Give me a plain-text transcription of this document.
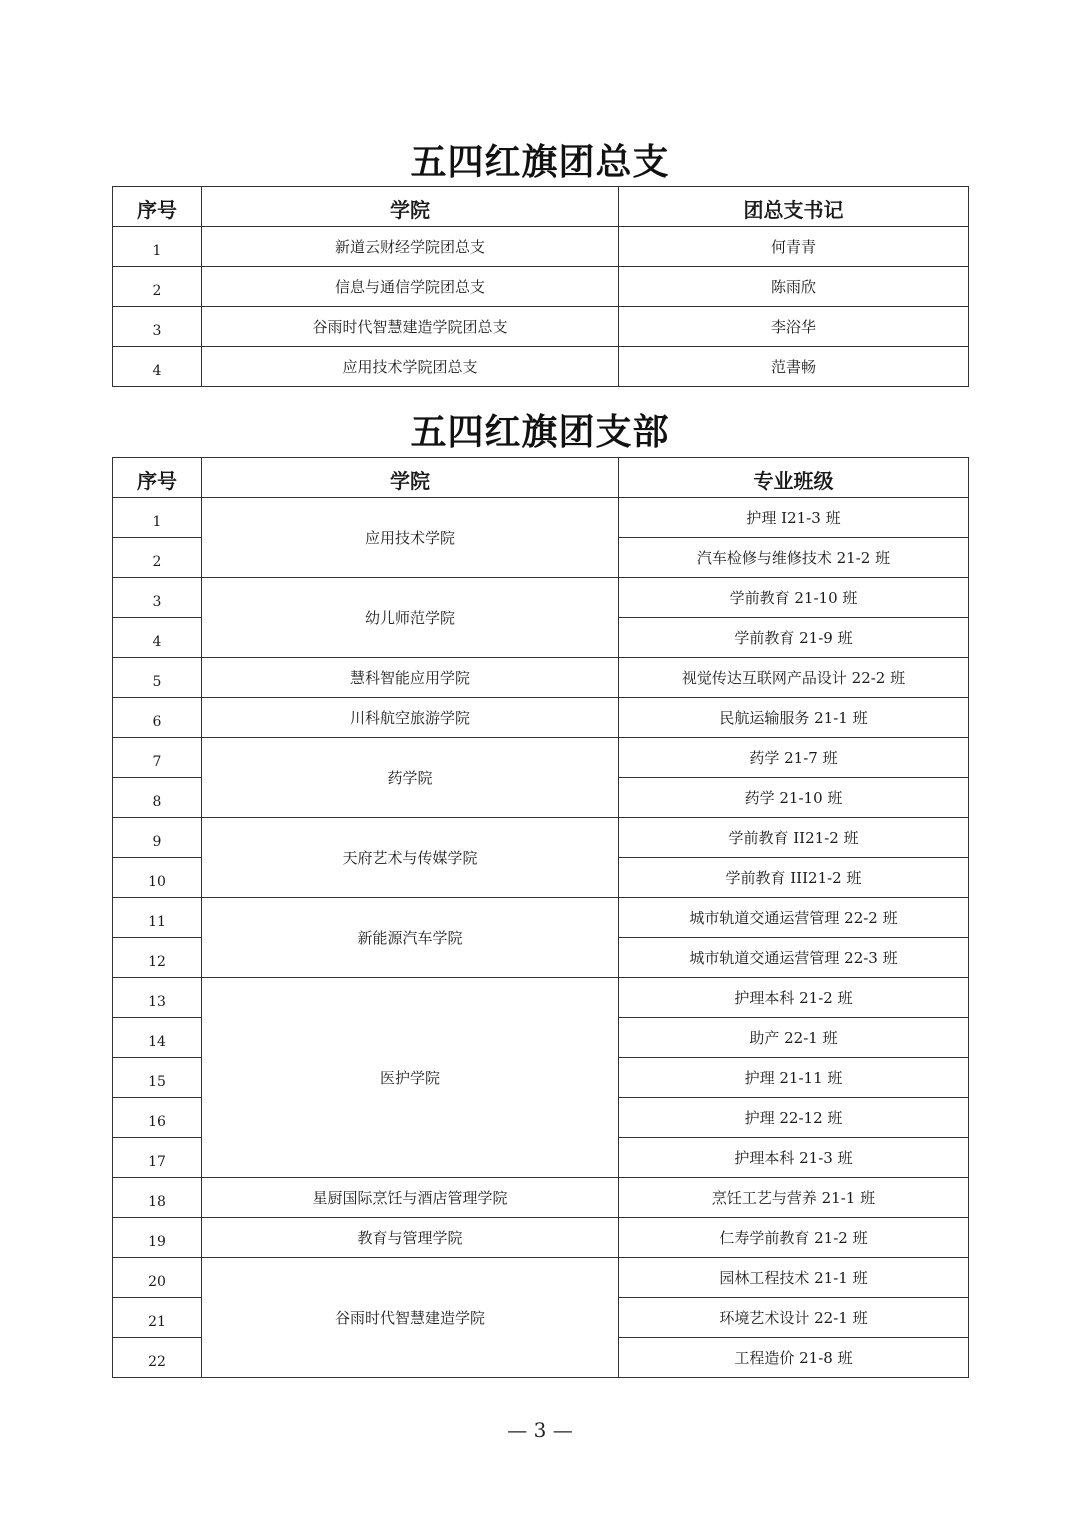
五四红旗团总支
序号	学院	团总支书记
1	新道云财经学院团总支	何青青
2	信息与通信学院团总支	陈雨欣
3	谷雨时代智慧建造学院团总支	李浴华
4	应用技术学院团总支	范書畅
五四红旗团支部
序号	学院	专业班级
1	应用技术学院	护理 I21-3 班
2		汽车检修与维修技术 21-2 班
3	幼儿师范学院	学前教育 21-10 班
4		学前教育 21-9 班
5	慧科智能应用学院	视觉传达互联网产品设计 22-2 班
6	川科航空旅游学院	民航运输服务 21-1 班
7	药学院	药学 21-7 班
8		药学 21-10 班
9	天府艺术与传媒学院	学前教育 II21-2 班
10		学前教育 III21-2 班
11	新能源汽车学院	城市轨道交通运营管理 22-2 班
12		城市轨道交通运营管理 22-3 班
13	医护学院	护理本科 21-2 班
14		助产 22-1 班
15		护理 21-11 班
16		护理 22-12 班
17		护理本科 21-3 班
18	星厨国际烹饪与酒店管理学院	烹饪工艺与营养 21-1 班
19	教育与管理学院	仁寿学前教育 21-2 班
20	谷雨时代智慧建造学院	园林工程技术 21-1 班
21		环境艺术设计 22-1 班
22		工程造价 21-8 班
— 3 —
